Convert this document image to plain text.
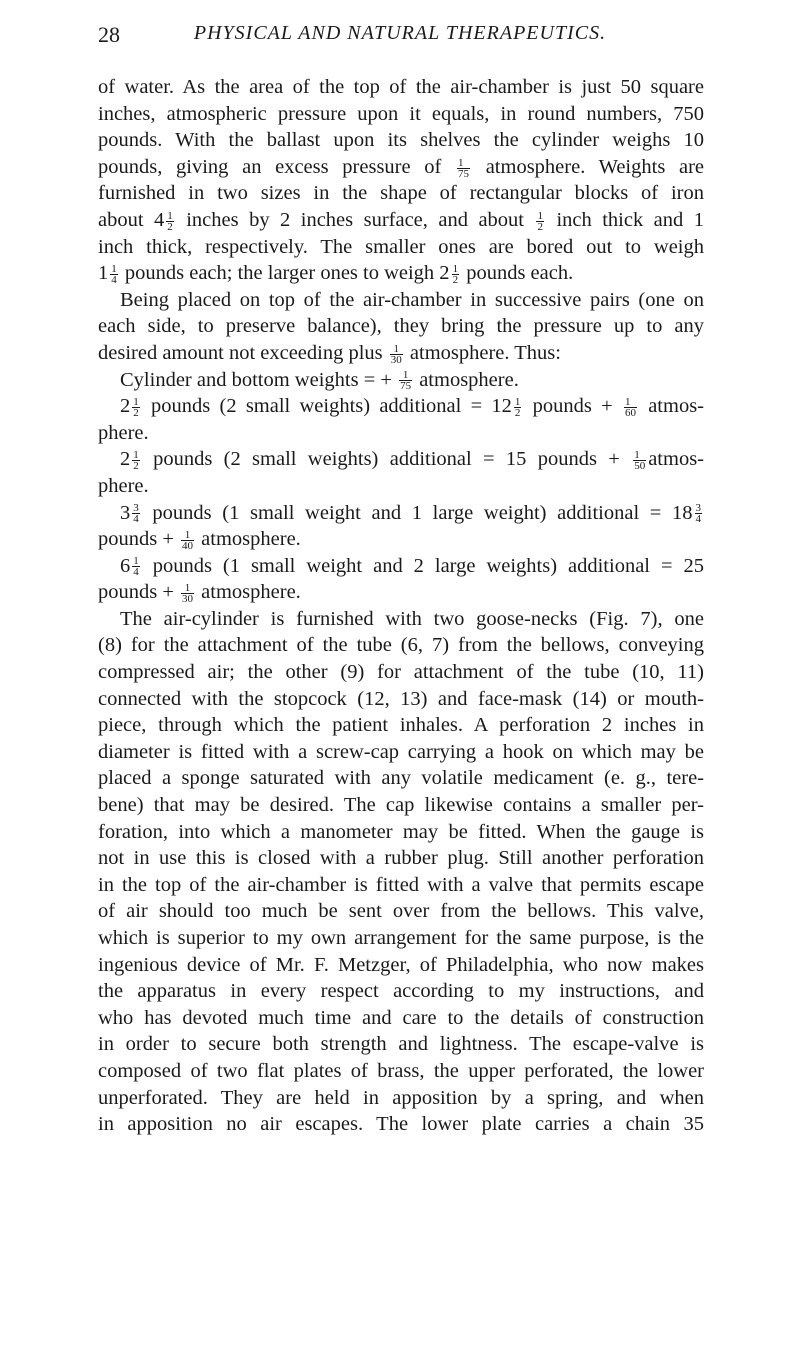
28	PHYSICAL AND NATURAL THERAPEUTICS.
of water. As the area of the top of the air-chamber is just 50 square
inches, atmospheric pressure upon it equals, in round numbers, 750
pounds. With the ballast upon its shelves the cylinder weighs 10
pounds, giving an excess pressure of $\frac{1}{75}$ atmosphere. Weights are
furnished in two sizes in the shape of rectangular blocks of iron
about $4 \frac{1}{2}$ inches by 2 inches surface, and about $\frac{1}{2}$ inch thick and 1
inch thick, respectively. The smaller ones are bored out to weigh
$1 \frac{1}{4}$ pounds each; the larger ones to weigh $2 \frac{1}{2}$ pounds each.
Being placed on top of the air-chamber in successive pairs (one on
each side, to preserve balance), they bring the pressure up to any
desired amount not exceeding plus $\frac{1}{30}$ atmosphere. Thus:
Cylinder and bottom weights = + $\frac{1}{75}$ atmosphere.
$2 \frac{1}{2}$ pounds (2 small weights) additional = $12 \frac{1}{2}$ pounds + $\frac{1}{60}$ atmos-
phere.
$2 \frac{1}{2}$ pounds (2 small weights) additional = 15 pounds + $\frac{1}{50}$ atmos-
phere.
$3 \frac{3}{4}$ pounds (1 small weight and 1 large weight) additional = $18 \frac{3}{4}$
pounds + $\frac{1}{40}$ atmosphere.
$6 \frac{1}{4}$ pounds (1 small weight and 2 large weights) additional = 25
pounds + $\frac{1}{30}$ atmosphere.
The air-cylinder is furnished with two goose-necks (Fig. 7), one
(8) for the attachment of the tube (6, 7) from the bellows, conveying
compressed air; the other (9) for attachment of the tube (10, 11)
connected with the stopcock (12, 13) and face-mask (14) or mouth-
piece, through which the patient inhales. A perforation 2 inches in
diameter is fitted with a screw-cap carrying a hook on which may be
placed a sponge saturated with any volatile medicament (e. g., tere-
bene) that may be desired. The cap likewise contains a smaller per-
foration, into which a manometer may be fitted. When the gauge is
not in use this is closed with a rubber plug. Still another perforation
in the top of the air-chamber is fitted with a valve that permits escape
of air should too much be sent over from the bellows. This valve,
which is superior to my own arrangement for the same purpose, is the
ingenious device of Mr. F. Metzger, of Philadelphia, who now makes
the apparatus in every respect according to my instructions, and
who has devoted much time and care to the details of construction
in order to secure both strength and lightness. The escape-valve is
composed of two flat plates of brass, the upper perforated, the lower
unperforated. They are held in apposition by a spring, and when
in apposition no air escapes. The lower plate carries a chain 35
